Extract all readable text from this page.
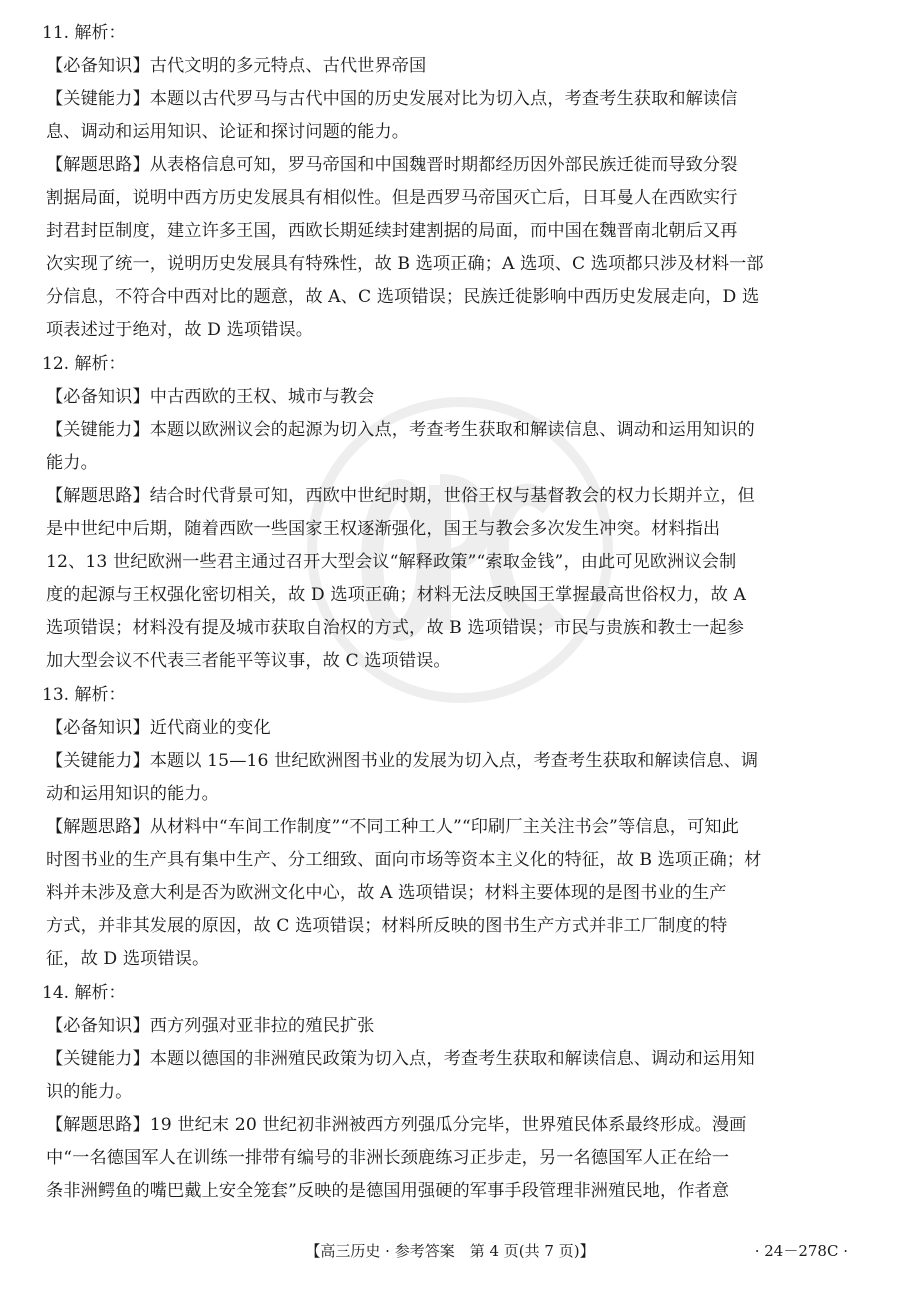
11. 解析：
【必备知识】古代文明的多元特点、古代世界帝国
【关键能力】本题以古代罗马与古代中国的历史发展对比为切入点，考查考生获取和解读信
息、调动和运用知识、论证和探讨问题的能力。
【解题思路】从表格信息可知，罗马帝国和中国魏晋时期都经历因外部民族迁徙而导致分裂
割据局面，说明中西方历史发展具有相似性。但是西罗马帝国灭亡后，日耳曼人在西欧实行
封君封臣制度，建立许多王国，西欧长期延续封建割据的局面，而中国在魏晋南北朝后又再
次实现了统一，说明历史发展具有特殊性，故 B 选项正确；A 选项、C 选项都只涉及材料一部
分信息，不符合中西对比的题意，故 A、C 选项错误；民族迁徙影响中西历史发展走向，D 选
项表述过于绝对，故 D 选项错误。
12. 解析：
【必备知识】中古西欧的王权、城市与教会
【关键能力】本题以欧洲议会的起源为切入点，考查考生获取和解读信息、调动和运用知识的
能力。
【解题思路】结合时代背景可知，西欧中世纪时期，世俗王权与基督教会的权力长期并立，但
是中世纪中后期，随着西欧一些国家王权逐渐强化，国王与教会多次发生冲突。材料指出
12、13 世纪欧洲一些君主通过召开大型会议“解释政策”“索取金钱”，由此可见欧洲议会制
度的起源与王权强化密切相关，故 D 选项正确；材料无法反映国王掌握最高世俗权力，故 A
选项错误；材料没有提及城市获取自治权的方式，故 B 选项错误；市民与贵族和教士一起参
加大型会议不代表三者能平等议事，故 C 选项错误。
13. 解析：
【必备知识】近代商业的变化
【关键能力】本题以 15—16 世纪欧洲图书业的发展为切入点，考查考生获取和解读信息、调
动和运用知识的能力。
【解题思路】从材料中“车间工作制度”“不同工种工人”“印刷厂主关注书会”等信息，可知此
时图书业的生产具有集中生产、分工细致、面向市场等资本主义化的特征，故 B 选项正确；材
料并未涉及意大利是否为欧洲文化中心，故 A 选项错误；材料主要体现的是图书业的生产
方式，并非其发展的原因，故 C 选项错误；材料所反映的图书生产方式并非工厂制度的特
征，故 D 选项错误。
14. 解析：
【必备知识】西方列强对亚非拉的殖民扩张
【关键能力】本题以德国的非洲殖民政策为切入点，考查考生获取和解读信息、调动和运用知
识的能力。
【解题思路】19 世纪末 20 世纪初非洲被西方列强瓜分完毕，世界殖民体系最终形成。漫画
中“一名德国军人在训练一排带有编号的非洲长颈鹿练习正步走，另一名德国军人正在给一
条非洲鳄鱼的嘴巴戴上安全笼套”反映的是德国用强硬的军事手段管理非洲殖民地，作者意
【高三历史 · 参考答案　第 4 页(共 7 页)】	· 24－278C ·
